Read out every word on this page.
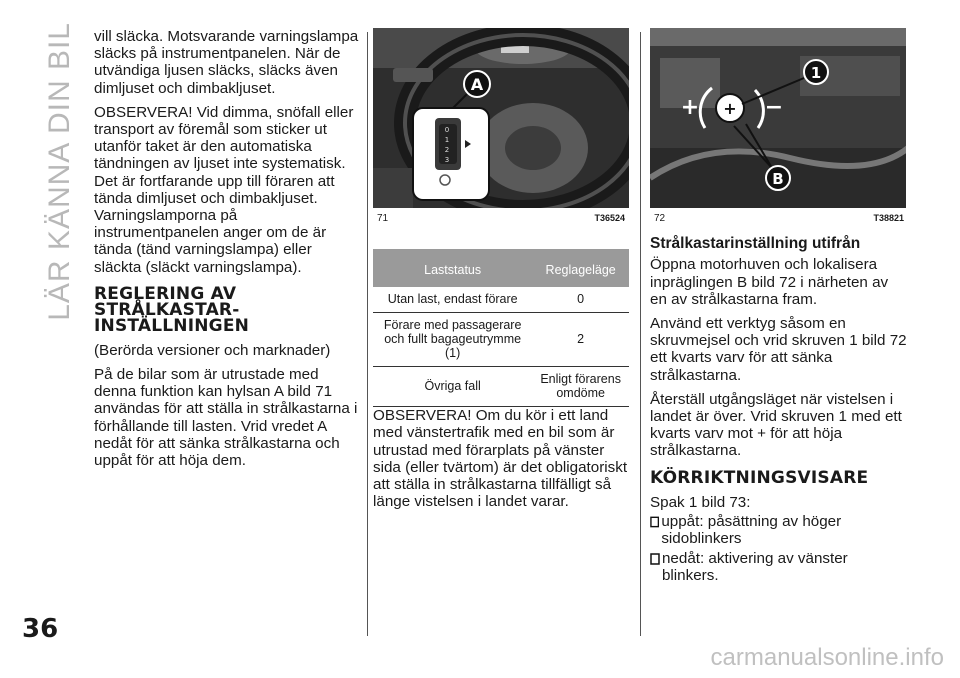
LÄR KÄNNA DIN BIL
36

vill släcka. Motsvarande varningslampa släcks på instrumentpanelen. När de utvändiga ljusen släcks, släcks även dimljuset och dimbakljuset.

OBSERVERA! Vid dimma, snöfall eller transport av föremål som sticker ut utanför taket är den automatiska tändningen av ljuset inte systematisk. Det är fortfarande upp till föraren att tända dimljuset och dimbakljuset. Varningslamporna på instrumentpanelen anger om de är tända (tänd varningslampa) eller släckta (släckt varningslampa).

REGLERING AV STRÅLKASTAR-INSTÄLLNINGEN

(Berörda versioner och marknader)

På de bilar som är utrustade med denna funktion kan hylsan A bild 71 användas för att ställa in strålkastarna i förhållande till lasten. Vrid vredet A nedåt för att sänka strålkastarna och uppåt för att höja dem.

0
1
2
3
A
71	T36524
Laststatus	Reglageläge
Utan last, endast förare	0
Förare med passagerare och fullt bagageutrymme (1)	2
Övriga fall	Enligt förarens omdöme

OBSERVERA! Om du kör i ett land med vänstertrafik med en bil som är utrustad med förarplats på vänster sida (eller tvärtom) är det obligatoriskt att ställa in strålkastarna tillfälligt så länge vistelsen i landet varar.

+
+	−
1
B
72	T38821
Strålkastarinställning utifrån

Öppna motorhuven och lokalisera inpräglingen B bild 72 i närheten av en av strålkastarna fram.

Använd ett verktyg såsom en skruvmejsel och vrid skruven 1 bild 72 ett kvarts varv för att sänka strålkastarna.

Återställ utgångsläget när vistelsen i landet är över. Vrid skruven 1 med ett kvarts varv mot + för att höja strålkastarna.

KÖRRIKTNINGSVISARE

Spak 1 bild 73:

uppåt: påsättning av höger sidoblinkers
nedåt: aktivering av vänster blinkers.
carmanualsonline.info
